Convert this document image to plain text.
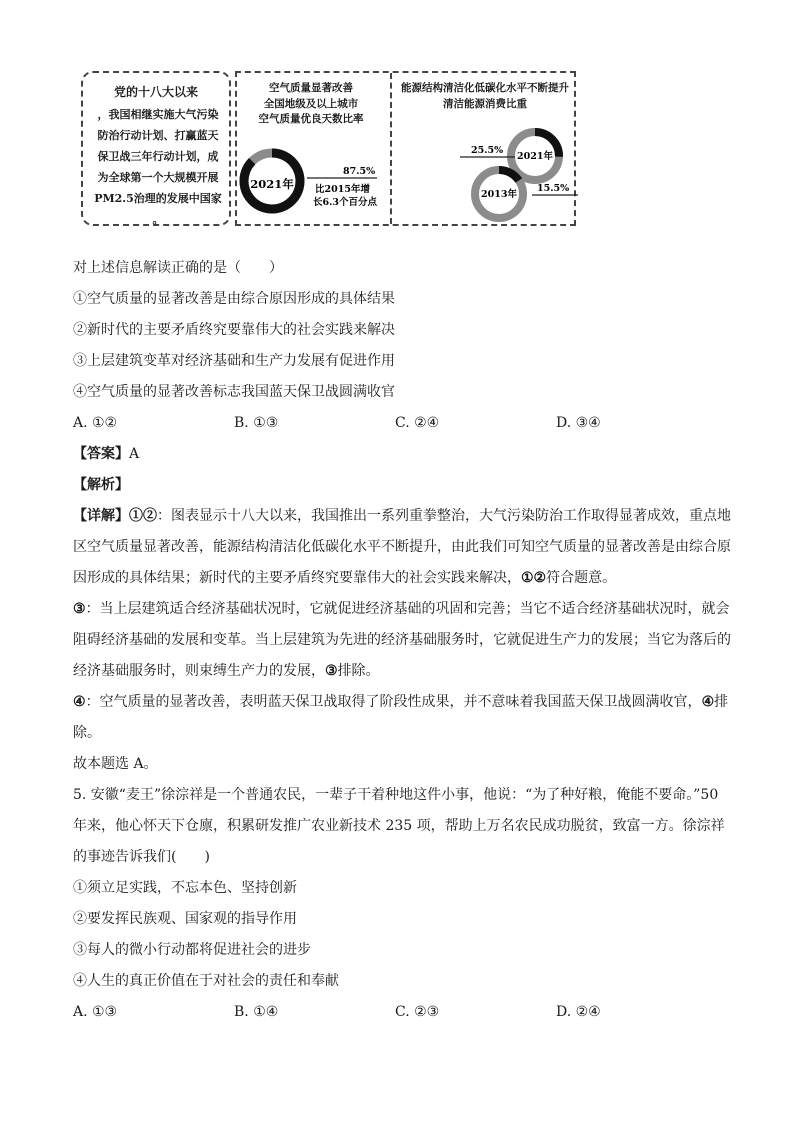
党的十八大以来
，我国相继实施大气污染
防治行动计划、打赢蓝天
保卫战三年行动计划，成
为全球第一个大规模开展
PM2.5治理的发展中国家
。
空气质量显著改善
全国地级及以上城市
空气质量优良天数比率
能源结构清洁化低碳化水平不断提升
清洁能源消费比重
2021年
87.5%
比2015年增
长6.3个百分点
2021年
25.5%
2013年
15.5%
对上述信息解读正确的是（　　）
①空气质量的显著改善是由综合原因形成的具体结果
②新时代的主要矛盾终究要靠伟大的社会实践来解决
③上层建筑变革对经济基础和生产力发展有促进作用
④空气质量的显著改善标志我国蓝天保卫战圆满收官
A. ①②	B. ①③	C. ②④	D. ③④
【答案】A
【解析】
【详解】①②：图表显示十八大以来，我国推出一系列重拳整治，大气污染防治工作取得显著成效，重点地区空气质量显著改善，能源结构清洁化低碳化水平不断提升，由此我们可知空气质量的显著改善是由综合原因形成的具体结果；新时代的主要矛盾终究要靠伟大的社会实践来解决，①②符合题意。
③：当上层建筑适合经济基础状况时，它就促进经济基础的巩固和完善；当它不适合经济基础状况时，就会阻碍经济基础的发展和变革。当上层建筑为先进的经济基础服务时，它就促进生产力的发展；当它为落后的经济基础服务时，则束缚生产力的发展，③排除。
④：空气质量的显著改善，表明蓝天保卫战取得了阶段性成果，并不意味着我国蓝天保卫战圆满收官，④排除。
故本题选 A。
5. 安徽“麦王”徐淙祥是一个普通农民，一辈子干着种地这件小事，他说：“为了种好粮，俺能不要命。”50 年来，他心怀天下仓廪，积累研发推广农业新技术 235 项，帮助上万名农民成功脱贫，致富一方。徐淙祥的事迹告诉我们(　　)
①须立足实践，不忘本色、坚持创新
②要发挥民族观、国家观的指导作用
③每人的微小行动都将促进社会的进步
④人生的真正价值在于对社会的责任和奉献
A. ①③	B. ①④	C. ②③	D. ②④
